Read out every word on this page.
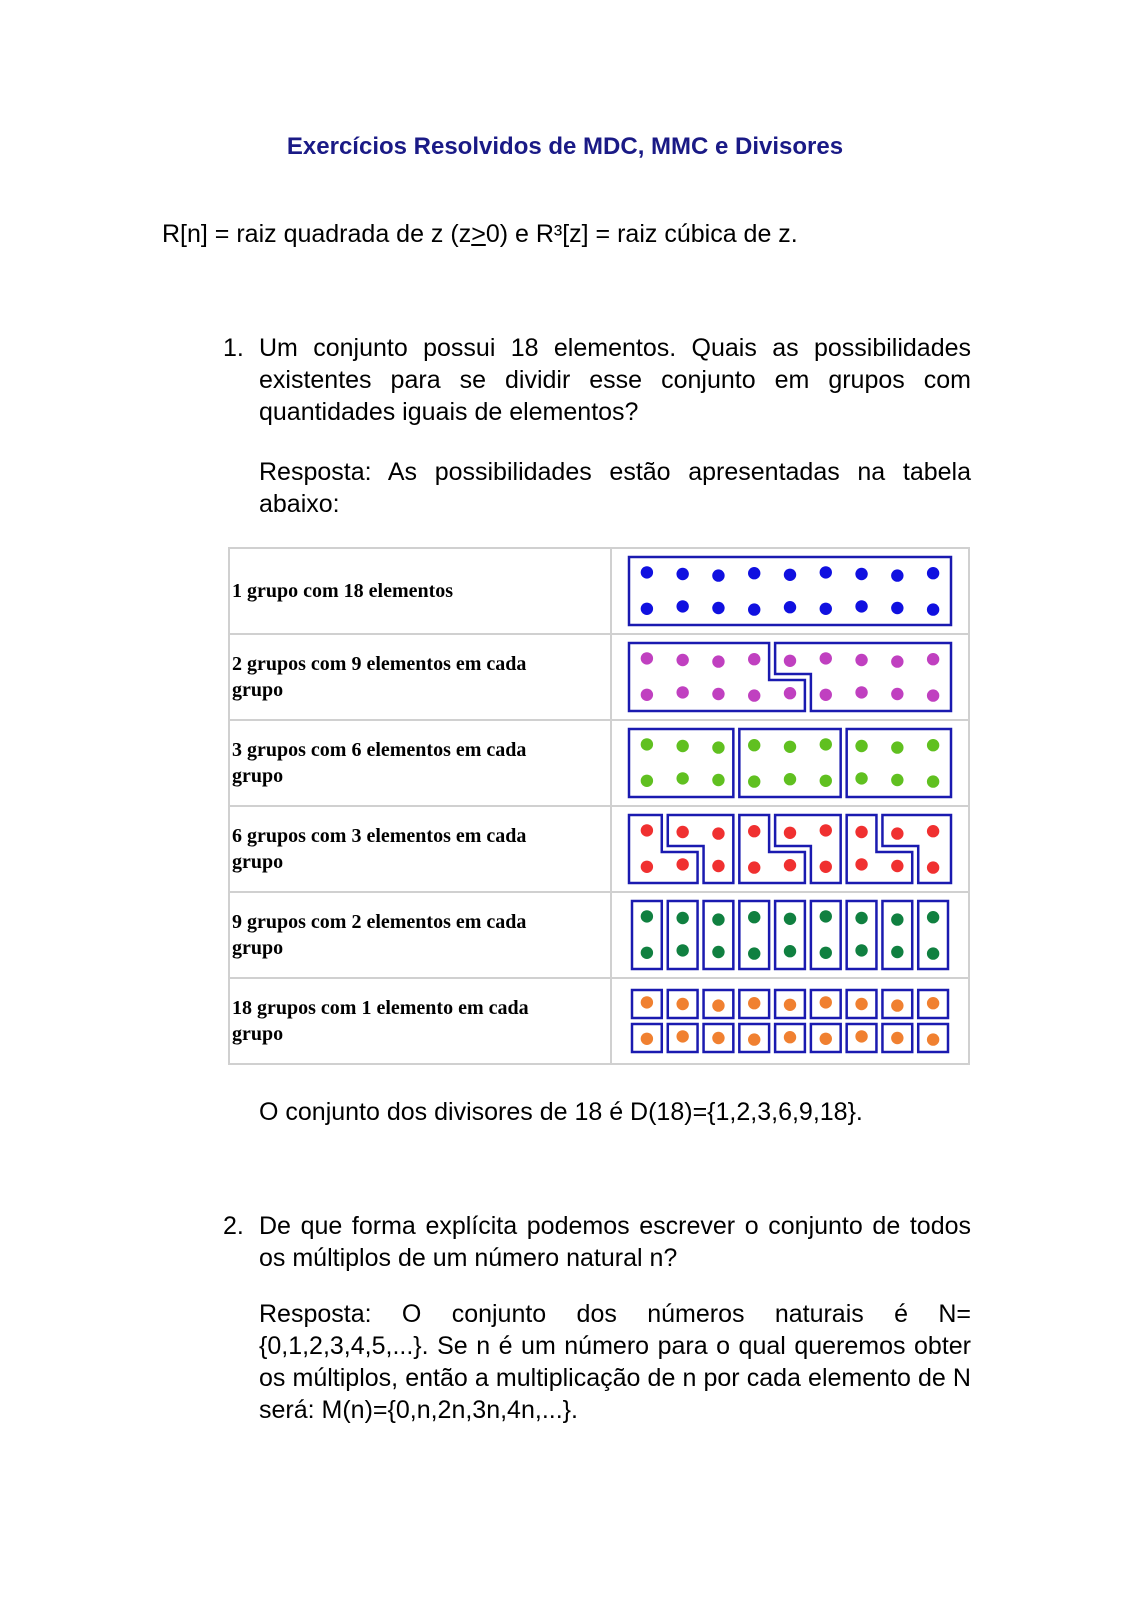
Exercícios Resolvidos de MDC, MMC e Divisores
R[n] = raiz quadrada de z (z>0) e R³[z] = raiz cúbica de z.
1. Um conjunto possui 18 elementos. Quais as possibilidades existentes para se dividir esse conjunto em grupos com quantidades iguais de elementos?
Resposta: As possibilidades estão apresentadas na tabela abaixo:
1 grupo com 18 elementos	

2 grupos com 9 elementos em cada grupo	

3 grupos com 6 elementos em cada grupo	

6 grupos com 3 elementos em cada grupo	

9 grupos com 2 elementos em cada grupo	

18 grupos com 1 elemento em cada grupo	
O conjunto dos divisores de 18 é D(18)={1,2,3,6,9,18}.
2. De que forma explícita podemos escrever o conjunto de todos os múltiplos de um número natural n?
Resposta: O conjunto dos números naturais é N={0,1,2,3,4,5,...}. Se n é um número para o qual queremos obter os múltiplos, então a multiplicação de n por cada elemento de N será: M(n)={0,n,2n,3n,4n,...}.
